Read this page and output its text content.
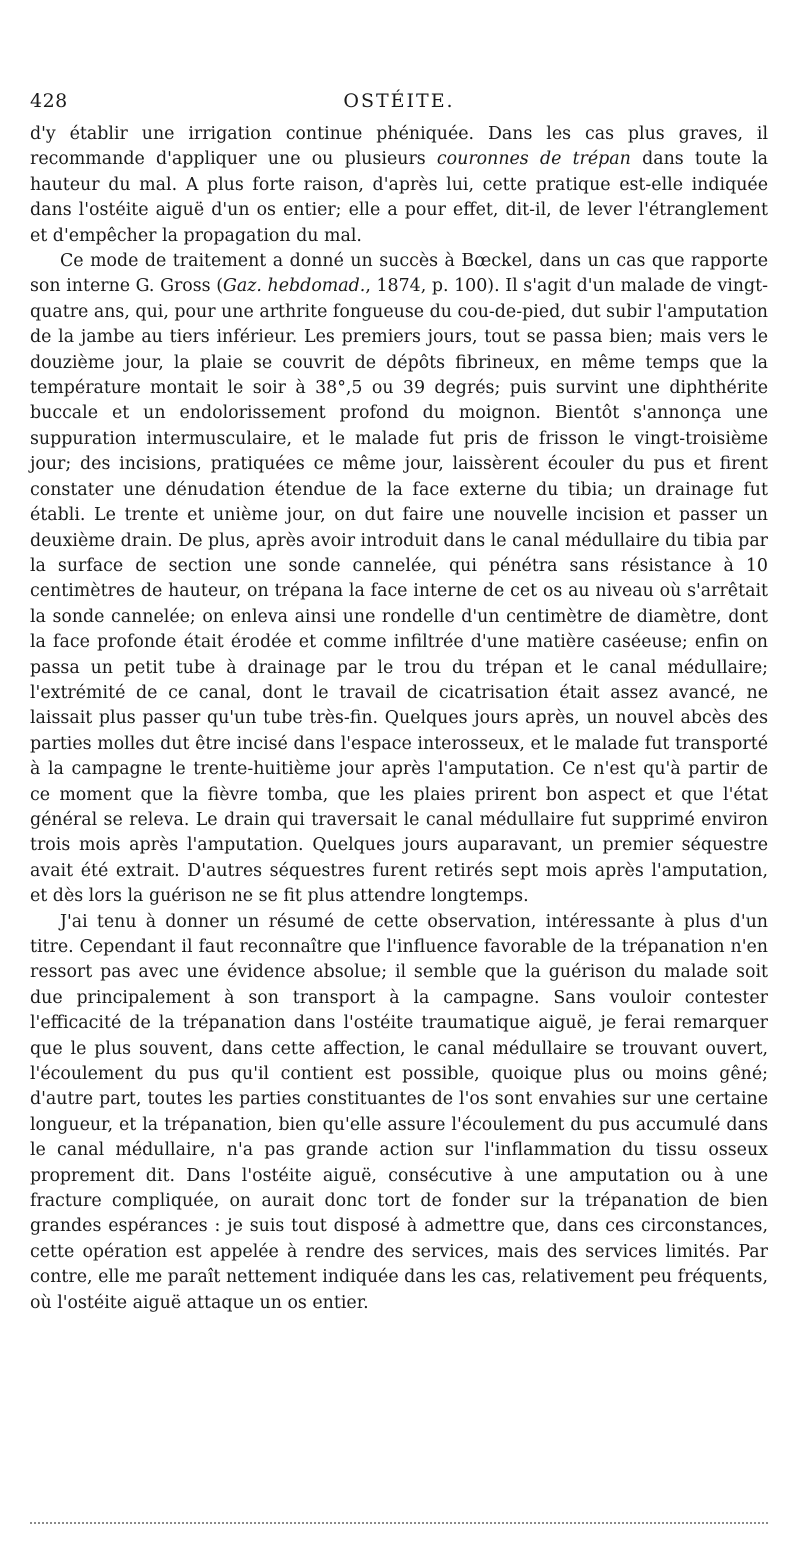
428	OSTÉITE.

d'y établir une irrigation continue phéniquée. Dans les cas plus graves, il recommande d'appliquer une ou plusieurs couronnes de trépan dans toute la hauteur du mal. A plus forte raison, d'après lui, cette pratique est-elle indiquée dans l'ostéite aiguë d'un os entier; elle a pour effet, dit-il, de lever l'étranglement et d'empêcher la propagation du mal.

Ce mode de traitement a donné un succès à Bœckel, dans un cas que rapporte son interne G. Gross (Gaz. hebdomad., 1874, p. 100). Il s'agit d'un malade de vingt-quatre ans, qui, pour une arthrite fongueuse du cou-de-pied, dut subir l'amputation de la jambe au tiers inférieur. Les premiers jours, tout se passa bien; mais vers le douzième jour, la plaie se couvrit de dépôts fibrineux, en même temps que la température montait le soir à 38°,5 ou 39 degrés; puis survint une diphthérite buccale et un endolorissement profond du moignon. Bientôt s'annonça une suppuration intermusculaire, et le malade fut pris de frisson le vingt-troisième jour; des incisions, pratiquées ce même jour, laissèrent écouler du pus et firent constater une dénudation étendue de la face externe du tibia; un drainage fut établi. Le trente et unième jour, on dut faire une nouvelle incision et passer un deuxième drain. De plus, après avoir introduit dans le canal médullaire du tibia par la surface de section une sonde cannelée, qui pénétra sans résistance à 10 centimètres de hauteur, on trépana la face interne de cet os au niveau où s'arrêtait la sonde cannelée; on enleva ainsi une rondelle d'un centimètre de diamètre, dont la face profonde était érodée et comme infiltrée d'une matière caséeuse; enfin on passa un petit tube à drainage par le trou du trépan et le canal médullaire; l'extrémité de ce canal, dont le travail de cicatrisation était assez avancé, ne laissait plus passer qu'un tube très-fin. Quelques jours après, un nouvel abcès des parties molles dut être incisé dans l'espace interosseux, et le malade fut transporté à la campagne le trente-huitième jour après l'amputation. Ce n'est qu'à partir de ce moment que la fièvre tomba, que les plaies prirent bon aspect et que l'état général se releva. Le drain qui traversait le canal médullaire fut supprimé environ trois mois après l'amputation. Quelques jours auparavant, un premier séquestre avait été extrait. D'autres séquestres furent retirés sept mois après l'amputation, et dès lors la guérison ne se fit plus attendre longtemps.

J'ai tenu à donner un résumé de cette observation, intéressante à plus d'un titre. Cependant il faut reconnaître que l'influence favorable de la trépanation n'en ressort pas avec une évidence absolue; il semble que la guérison du malade soit due principalement à son transport à la campagne. Sans vouloir contester l'efficacité de la trépanation dans l'ostéite traumatique aiguë, je ferai remarquer que le plus souvent, dans cette affection, le canal médullaire se trouvant ouvert, l'écoulement du pus qu'il contient est possible, quoique plus ou moins gêné; d'autre part, toutes les parties constituantes de l'os sont envahies sur une certaine longueur, et la trépanation, bien qu'elle assure l'écoulement du pus accumulé dans le canal médullaire, n'a pas grande action sur l'inflammation du tissu osseux proprement dit. Dans l'ostéite aiguë, consécutive à une amputation ou à une fracture compliquée, on aurait donc tort de fonder sur la trépanation de bien grandes espérances : je suis tout disposé à admettre que, dans ces circonstances, cette opération est appelée à rendre des services, mais des services limités. Par contre, elle me paraît nettement indiquée dans les cas, relativement peu fréquents, où l'ostéite aiguë attaque un os entier.
